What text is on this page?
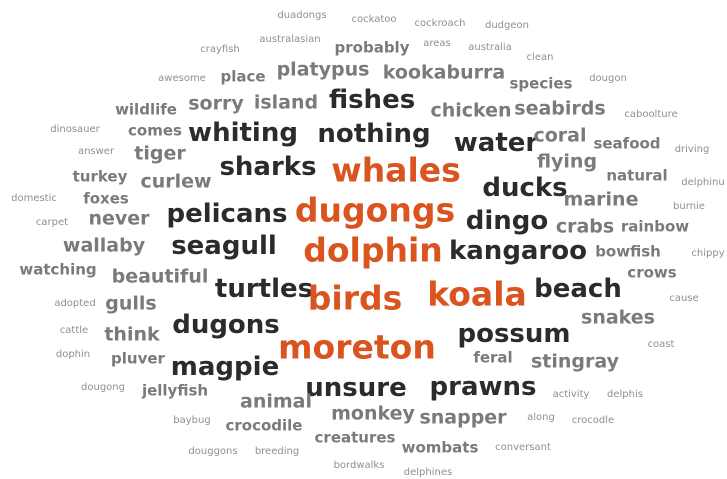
duadongs cockatoo cockroach dudgeon
crayfish
australasian probably areas australia
clean
awesome place platypus kookaburra species dougon
sorry island fishes
wildlife	chicken seabirds caboolture
dinosauer comes whiting nothing water
coral seafood
answer tiger	driving
whales
sharks	flying
turkey curlew	natural delphinu
ducks
domestic foxes	dugongs	marine
pelicans	burnie
carpet never	dingo crabs rainbow
wallaby seagull dolphin kangaroo	chippy
watching
bowfish
beautiful	crows
turtles	koala beach
adopted gulls	birds	cause
cattle	dugons	snakes
think	possum	coast
dophin pluver magpie
moreton feral stingray
dougong jellyfish	unsure prawns activity delphis
animal
baybug	monkey snapper along crocodle
crocodile
creatures
douggons breeding	wombats conversant
bordwalks
delphines
